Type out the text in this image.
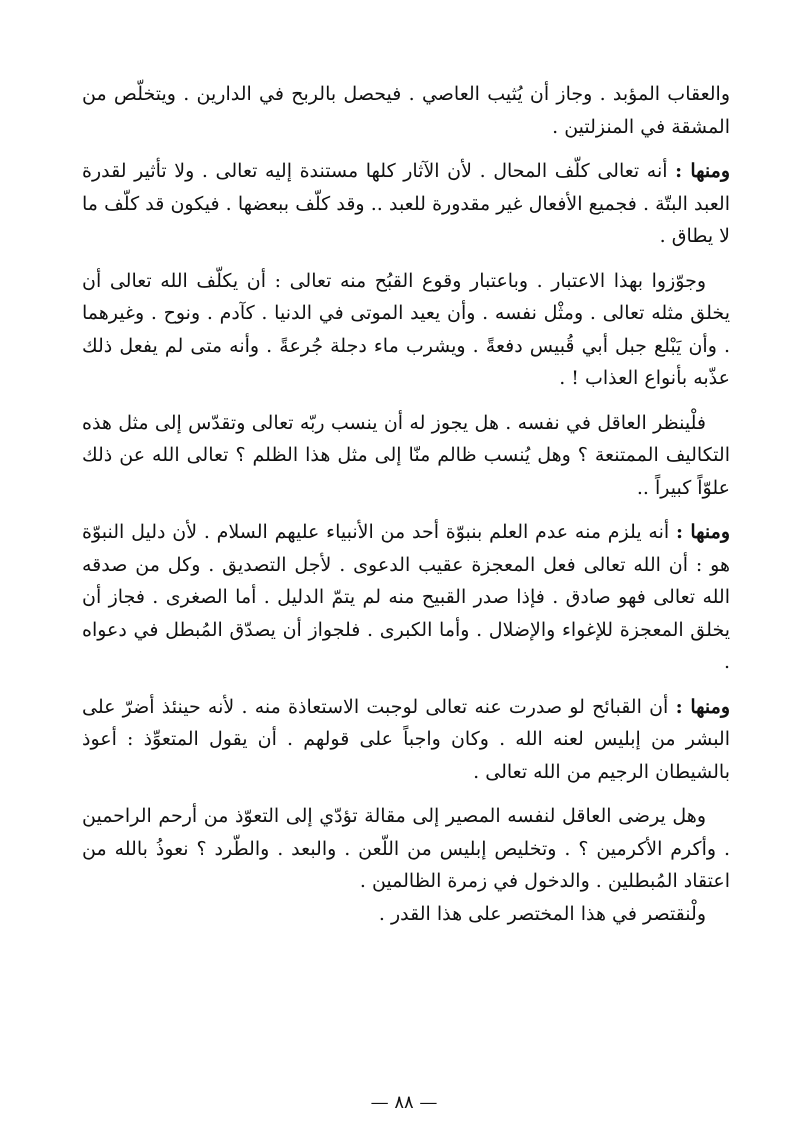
والعقاب المؤبد . وجاز أن يُثيب العاصي . فيحصل بالربح في الدارين . ويتخلّص من المشقة في المنزلتين .

ومنها : أنه تعالى كلّف المحال . لأن الآثار كلها مستندة إليه تعالى . ولا تأثير لقدرة العبد البتّة . فجميع الأفعال غير مقدورة للعبد .. وقد كلّف ببعضها . فيكون قد كلّف ما لا يطاق .

وجوّزوا بهذا الاعتبار . وباعتبار وقوع القبُح منه تعالى : أن يكلّف الله تعالى أن يخلق مثله تعالى . ومثْل نفسه . وأن يعيد الموتى في الدنيا . كآدم . ونوح . وغيرهما . وأن يَبْلع جبل أبي قُبيس دفعةً . ويشرب ماء دجلة جُرعةً . وأنه متى لم يفعل ذلك عذّبه بأنواع العذاب ! .

فلْينظر العاقل في نفسه . هل يجوز له أن ينسب ربّه تعالى وتقدّس إلى مثل هذه التكاليف الممتنعة ؟ وهل يُنسب ظالم منّا إلى مثل هذا الظلم ؟ تعالى الله عن ذلك علوّاً كبيراً ..

ومنها : أنه يلزم منه عدم العلم بنبوّة أحد من الأنبياء عليهم السلام . لأن دليل النبوّة هو : أن الله تعالى فعل المعجزة عقيب الدعوى . لأجل التصديق . وكل من صدقه الله تعالى فهو صادق . فإذا صدر القبيح منه لم يتمّ الدليل . أما الصغرى . فجاز أن يخلق المعجزة للإغواء والإضلال . وأما الكبرى . فلجواز أن يصدّق المُبطل في دعواه .

ومنها : أن القبائح لو صدرت عنه تعالى لوجبت الاستعاذة منه . لأنه حينئذ أضرّ على البشر من إبليس لعنه الله . وكان واجباً على قولهم . أن يقول المتعوِّذ : أعوذ بالشيطان الرجيم من الله تعالى .

وهل يرضى العاقل لنفسه المصير إلى مقالة تؤدّي إلى التعوّذ من أرحم الراحمين . وأكرم الأكرمين ؟ . وتخليص إبليس من اللّعن . والبعد . والطّرد ؟ نعوذُ بالله من اعتقاد المُبطلين . والدخول في زمرة الظالمين .

ولْنقتصر في هذا المختصر على هذا القدر .

— ٨٨ —
